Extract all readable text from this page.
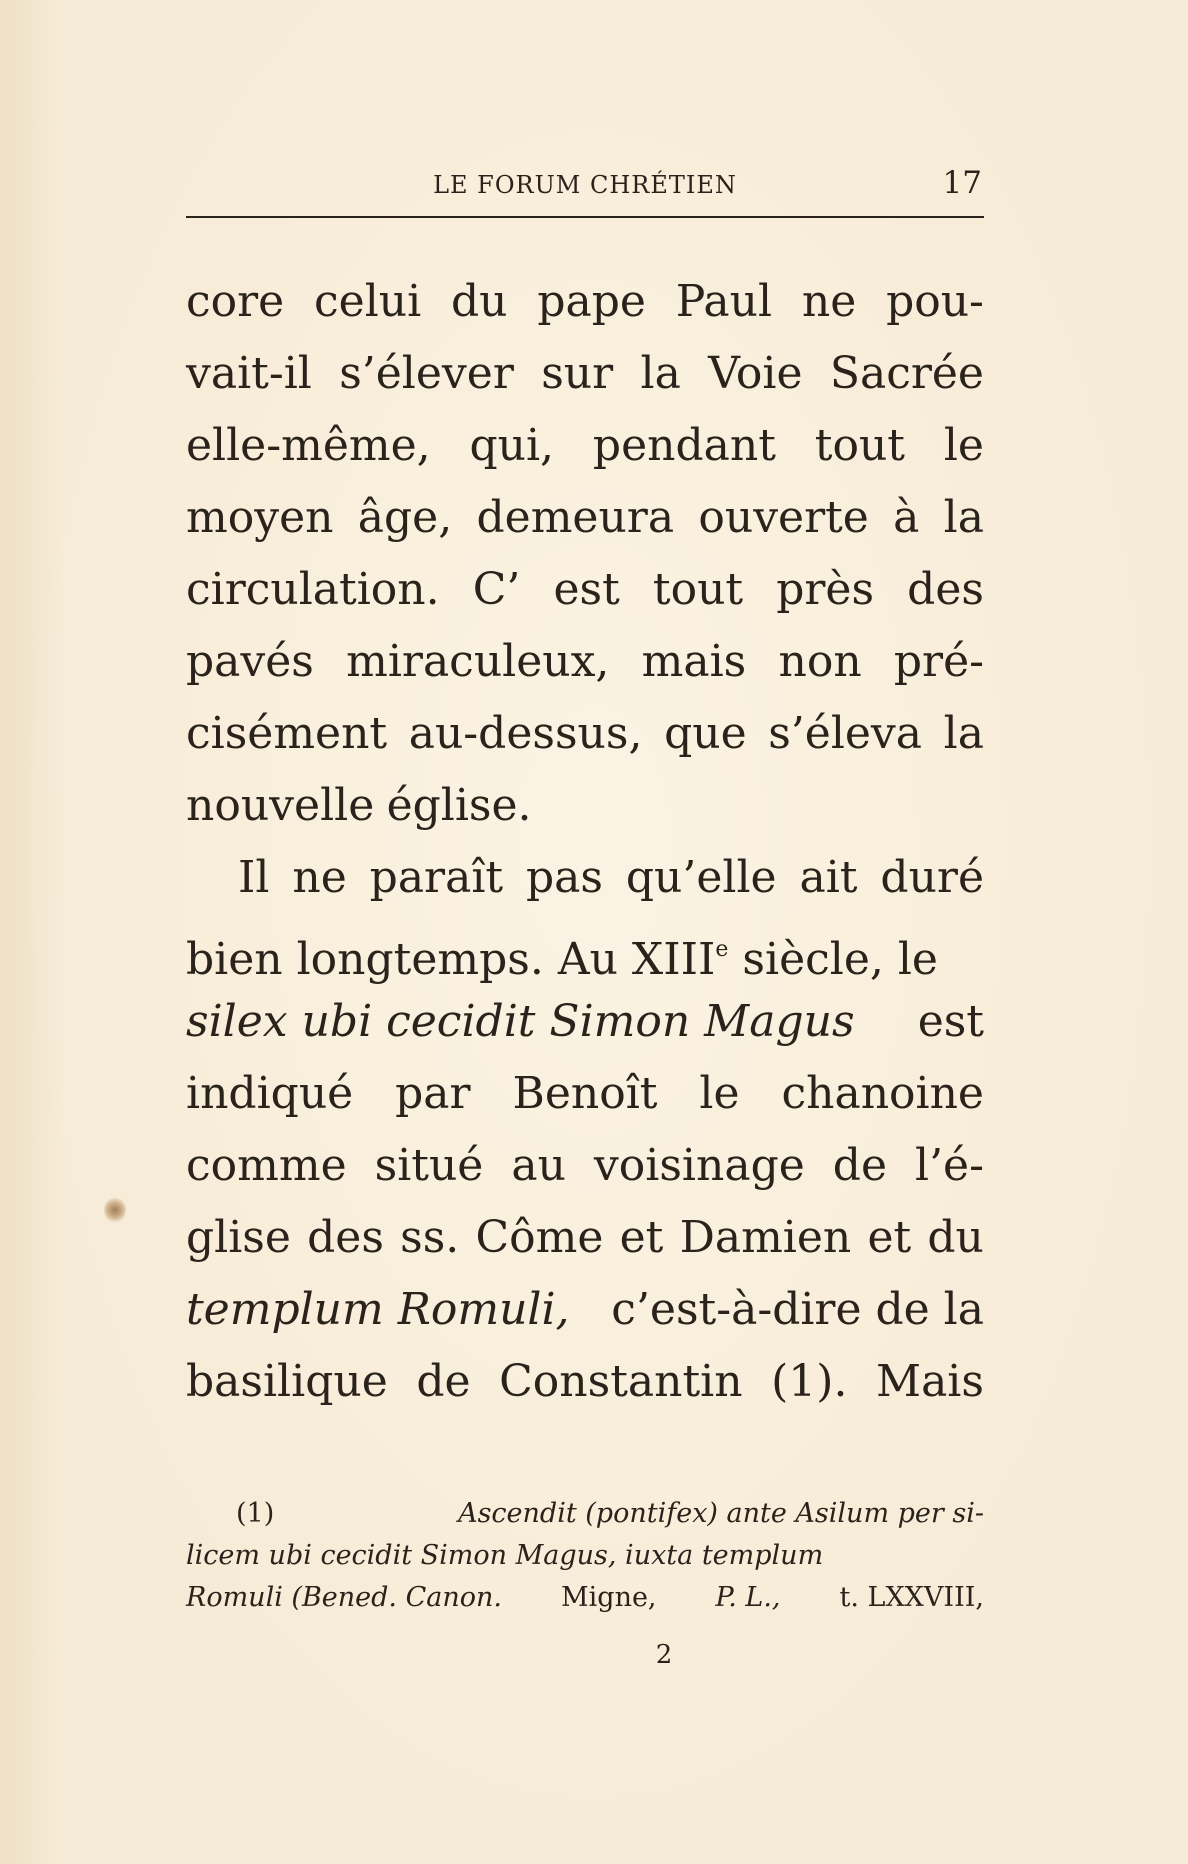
LE FORUM CHRÉTIEN	17
core celui du pape Paul ne pou-
vait-il s’élever sur la Voie Sacrée
elle-même, qui, pendant tout le
moyen âge, demeura ouverte à la
circulation. C’ est tout près des
pavés miraculeux, mais non pré-
cisément au-dessus, que s’éleva la
nouvelle église.
Il ne paraît pas qu’elle ait duré
bien longtemps. Au XIIIe siècle, le
silex ubi cecidit Simon Magus est
indiqué par Benoît le chanoine
comme situé au voisinage de l’é-
glise des ss. Côme et Damien et du
templum Romuli, c’est-à-dire de la
basilique de Constantin (1). Mais
(1)	Ascendit (pontifex) ante Asilum per si-
licem ubi cecidit Simon Magus, iuxta templum
Romuli (Bened. Canon. Migne, P. L., t. LXXVIII,
2
